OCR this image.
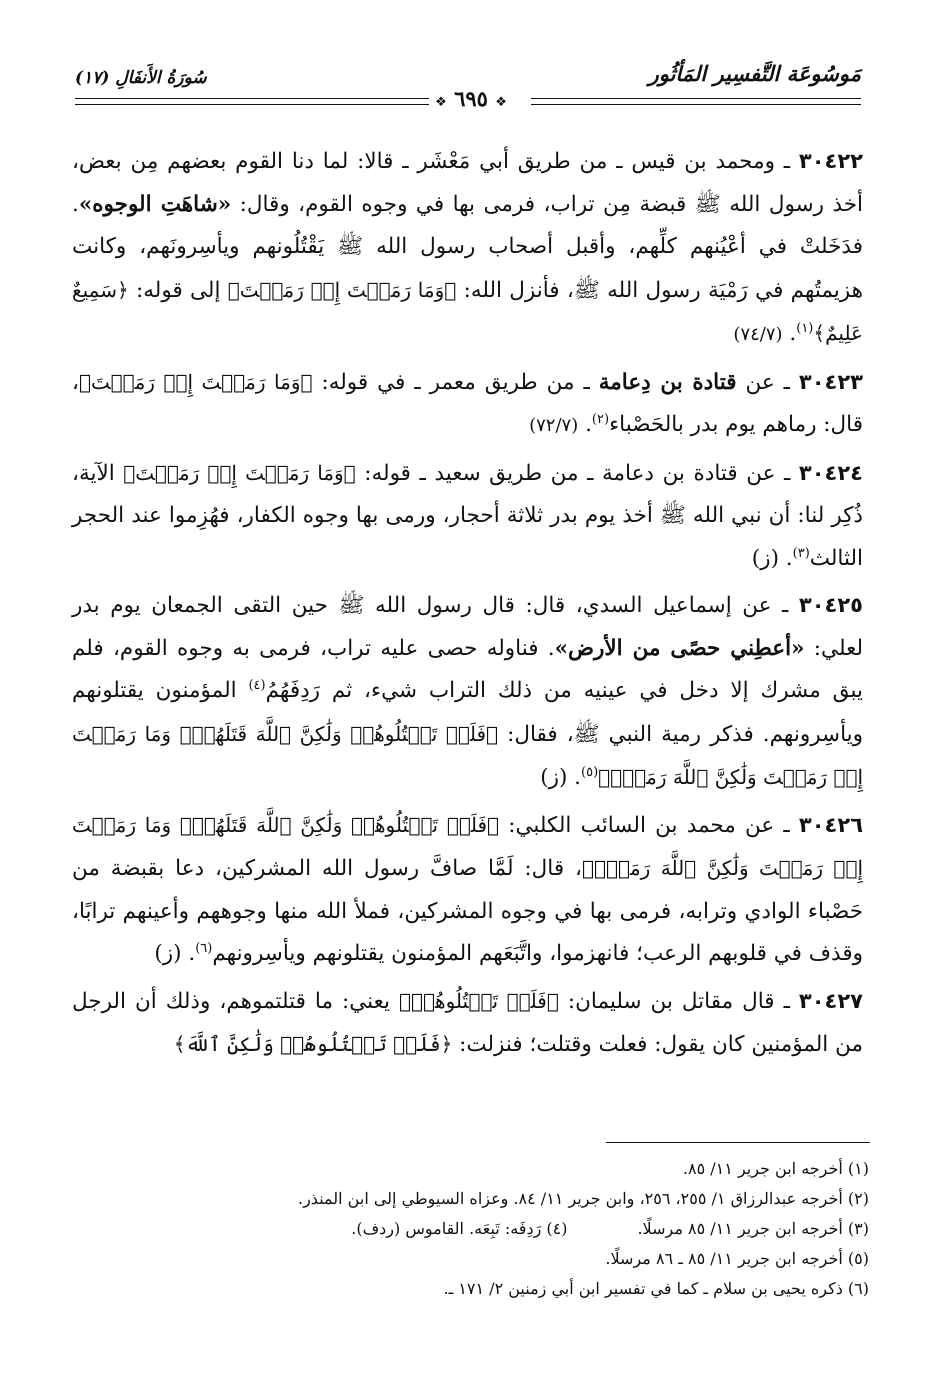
مَوسُوعَة التَّفسِير المَأثُور
❖ ٦٩٥ ❖
سُورَةُ الأَنفَالِ (١٧)

٣٠٤٢٢ ـ ومحمد بن قيس ـ من طريق أبي مَعْشَر ـ قالا: لما دنا القوم بعضهم مِن بعض، أخذ رسول الله ﷺ قبضة مِن تراب، فرمى بها في وجوه القوم، وقال: «شاهَتِ الوجوه». فدَخَلتْ في أعْيُنهم كلِّهم، وأقبل أصحاب رسول الله ﷺ يَقْتُلُونهم ويأسِرونَهم، وكانت هزيمتُهم في رَمْيَة رسول الله ﷺ، فأنزل الله: ﴿وَمَا رَمَيۡتَ إِذۡ رَمَيۡتَ﴾ إلى قوله: ﴿سَمِيعٌ عَلِيمٌ﴾$^{(١)}$. (٧٤/٧)

٣٠٤٢٣ ـ عن قتادة بن دِعامة ـ من طريق معمر ـ في قوله: ﴿وَمَا رَمَيۡتَ إِذۡ رَمَيۡتَ﴾، قال: رماهم يوم بدر بالحَصْباء$^{(٢)}$. (٧٢/٧)

٣٠٤٢٤ ـ عن قتادة بن دعامة ـ من طريق سعيد ـ قوله: ﴿وَمَا رَمَيۡتَ إِذۡ رَمَيۡتَ﴾ الآية، ذُكِر لنا: أن نبي الله ﷺ أخذ يوم بدر ثلاثة أحجار، ورمى بها وجوه الكفار، فهُزِموا عند الحجر الثالث$^{(٣)}$. (ز)

٣٠٤٢٥ ـ عن إسماعيل السدي، قال: قال رسول الله ﷺ حين التقى الجمعان يوم بدر لعلي: «أعطِني حصًى من الأرض». فناوله حصى عليه تراب، فرمى به وجوه القوم، فلم يبق مشرك إلا دخل في عينيه من ذلك التراب شيء، ثم رَدِفَهُمُ$^{(٤)}$ المؤمنون يقتلونهم ويأسِرونهم. فذكر رمية النبي ﷺ، فقال: ﴿فَلَمۡ تَقۡتُلُوهُمۡ وَلَٰكِنَّ ٱللَّهَ قَتَلَهُمۡۚ وَمَا رَمَيۡتَ إِذۡ رَمَيۡتَ وَلَٰكِنَّ ٱللَّهَ رَمَىٰۚ﴾$^{(٥)}$. (ز)

٣٠٤٢٦ ـ عن محمد بن السائب الكلبي: ﴿فَلَمۡ تَقۡتُلُوهُمۡ وَلَٰكِنَّ ٱللَّهَ قَتَلَهُمۡۚ وَمَا رَمَيۡتَ إِذۡ رَمَيۡتَ وَلَٰكِنَّ ٱللَّهَ رَمَىٰۚ﴾، قال: لَمَّا صافَّ رسول الله المشركين، دعا بقبضة من حَصْباء الوادي وترابه، فرمى بها في وجوه المشركين، فملأ الله منها وجوههم وأعينهم ترابًا، وقذف في قلوبهم الرعب؛ فانهزموا، واتَّبَعَهم المؤمنون يقتلونهم ويأسِرونهم$^{(٦)}$. (ز)

٣٠٤٢٧ ـ قال مقاتل بن سليمان: ﴿فَلَمۡ تَقۡتُلُوهُمۡ﴾ يعني: ما قتلتموهم، وذلك أن الرجل من المؤمنين كان يقول: فعلت وقتلت؛ فنزلت: ﴿فَلَمۡ تَقۡتُلُوهُمۡ وَلَٰكِنَّ ٱللَّهَ﴾

(١) أخرجه ابن جرير ١١/ ٨٥.
(٢) أخرجه عبدالرزاق ١/ ٢٥٥، ٢٥٦، وابن جرير ١١/ ٨٤. وعزاه السيوطي إلى ابن المنذر.
(٣) أخرجه ابن جرير ١١/ ٨٥ مرسلًا.
(٤) رَدِفَه: تَبِعَه. القاموس (ردف).
(٥) أخرجه ابن جرير ١١/ ٨٥ ـ ٨٦ مرسلًا.
(٦) ذكره يحيى بن سلام ـ كما في تفسير ابن أبي زمنين ٢/ ١٧١ ـ.
